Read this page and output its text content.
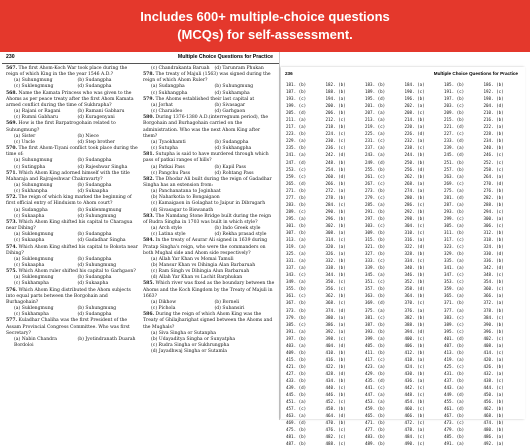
Includes 600+ multiple-choice questions
(MCQs) for self-assessment.
230	Multiple Choice Questions for Practice
567. The first Ahom-Koch War took place during the reign of which King in the the year 1546 A.D.?
(a) Suhungmung	(b) Sudangpha
(c) Suklengmung	(d) Sudangpha
568. Name the Kamata Princess who was given to the Ahoms as per peace treaty after the first Ahom Kamata armed conflict during the time of Sukhrapha?
(a) Rajani or Ragani	(b) Ramani Gabharu
(c) Rumni Gabharu	(d) Kuragenyani
569. How is the first Barpatrogohain related to Suhungmung?
(a) Sister	(b) Niece
(c) Uncle	(d) Step brother
570. The first Ahom-Tiyani conflict took place during the time of:
(a) Suhungmung	(b) Sudangpha
(c) Sutingpha	(d) Rajeshwar Singha
571. Which Ahom King adorned himself with the title Maharaja and Rajrajeshwar Chakravarty?
(a) Suhungmung	(b) Sudangpha
(c) Sukhanpha	(d) Sukaapha
572. The reign of which king marked the beginning of first official entry of Hinduism to Ahom court?
(a) Sudangpha	(b) Suklenmgmung
(c) Sukaapha	(d) Suhungmung
573. Which Ahom King shifted his capital to Charagua near Dihing?
(a) Suklengmung	(b) Sudangpha
(c) Sukaapha	(d) Gadadhar Singha
574. Which Ahom King shifted his capital to Bokota near Dihing?
(a) Suklengmung	(b) Sudangpha
(c) Sukaapha	(d) Suhungmung
575. Which Ahom ruler shifted his capital to Garhgaon?
(a) Suklengmung	(b) Sudangpha
(c) Sukhampha	(d) Sukaapha
576. Which Ahom King distributed the Ahom subjects into equal parts between the Borgohain and Burhagohain?
(a) Suklengmung	(b) Suhungmung
(c) Sukhampha	(d) Sudangpha
577. Kuladhar Chaliha was the first President of the Assam Provincial Congress Committee. Who was first Secretary?
(a) Nabin Chandra Bordoloi
(b) Jyotindranath Duarah
(c) Chandrakanta Baruah	(d) Tarunram Phukan
578. The treaty of Majuli (1563) was signed during the reign of which Ahom Ruler?
(a) Sudangpha	(b) Suhungmung
(c) Sukhangpha	(d) Sukhampha
579. The Ahoms established their last capital at
(a) Jorhat	(b) Sivasagar
(c) Charaideo	(d) Garhgaon
580. During 1376-1380 A.D.(interregnum period), the Borgohain and Burhagohain carried on the administration. Who was the next Ahom King after them?
(a) Tyaokhamti	(b) Sudangpha
(c) Sutupha	(d) Sukhangpha
581. Sutupha is said to have murdered through which pass of patkai ranges of hills?
(a) Patkai Pass	(b) Kapil Pass
(c) Pangchu Pass	(d) Rohtang Pass
582. The Dhodar Ali built during the reign of Gadadhar Singha has an extension from:
(a) Panchanatana to Joginhaat
(b) Naharkotia to Bongaigaon
(c) Kamaigaon in Golaghat to Jaipur in Dibrugarh
(d) Sivasagar to Biswanath
583. The Namdang Stone Bridge built during the reign of Rudra Singha in 1703 was built in which style?
(a) Arch style	(b) Indo Greek style
(c) Latina style	(d) Rekha prasad style
584. In the treaty of Asurar Ali signed in 1639 during Pratap Singha's reign, who were the commanders on both Mughal side and Ahom side respectively?
(a) Allah Yar Khan vs Momai Tamuli
(b) Mansur Khan vs Dihingia Alan Barbaruah
(c) Ram Singh vs Dihingia Alun Barbaruah
(d) Allah Yar Khan vs Lachit Barphukan
585. Which river was fixed as the boundary between the Ahoms and the Koch Kingdom by the Treaty of Majuli in 1663?
(a) Dikhow	(b) Borneli
(c) Pichola	(d) Subansiri
586. During the reign of which Ahom King was the Treaty of Ghilajharighat signed between the Ahoms and the Mughals?
(a) Siva Singha or Sutanpha
(b) Udayaditya Singha or Sunyatpha
(c) Rudra Singha or Sukhrungpha
(d) Jayadhwaj Singha or Sutamla
236	Multiple Choice Questions for Practice
181. (b)	182. (b)	183. (b)	184. (a)	185. (b)	186. (b)
187. (b)	188. (b)	189. (b)	190. (c)	191. (c)	192. (c)
193. (c)	194. (a)	195. (d)	196. (b)	197. (b)	198. (b)
199. (c)	200. (b)	201. (b)	202. (a)	203. (c)	204. (d)
205. (d)	206. (b)	207. (a)	208. (c)	209. (b)	210. (b)
211. (a)	212. (c)	213. (a)	214. (b)	215. (b)	216. (b)
217. (a)	218. (b)	219. (c)	220. (a)	221. (d)	222. (a)
223. (b)	224. (c)	225. (a)	226. (d)	227. (c)	228. (b)
229. (a)	230. (c)	231. (c)	232. (a)	233. (d)	234. (b)
235. (b)	236. (c)	237. (a)	238. (c)	239. (a)	240. (b)
241. (a)	242. (d)	243. (a)	244. (b)	245. (d)	246. (c)
247. (d)	248. (b)	249. (d)	250. (b)	251. (b)	252. (c)
253. (c)	254. (b)	255. (b)	256. (d)	257. (b)	258. (c)
259. (c)	260. (d)	261. (c)	262. (b)	263. (a)	264. (a)
265. (d)	266. (b)	267. (c)	268. (a)	269. (c)	270. (d)
271. (b)	272. (a)	273. (b)	274. (a)	275. (a)	276. (b)
277. (b)	278. (b)	279. (c)	280. (b)	281. (d)	282. (b)
283. (b)	284. (c)	285. (a)	286. (c)	287. (a)	288. (b)
289. (c)	290. (b)	291. (b)	292. (b)	293. (b)	294. (c)
295. (a)	296. (b)	297. (b)	298. (b)	299. (c)	300. (a)
301. (b)	302. (b)	303. (c)	304. (c)	305. (a)	306. (c)
307. (b)	308. (a)	309. (b)	310. (c)	311. (b)	312. (b)
313. (a)	314. (c)	315. (b)	316. (a)	317. (c)	318. (b)
319. (a)	320. (a)	321. (b)	322. (d)	323. (c)	324. (b)
325. (a)	326. (a)	327. (b)	328. (b)	329. (b)	330. (d)
331. (a)	332. (b)	333. (c)	334. (c)	335. (a)	336. (b)
337. (a)	338. (b)	339. (b)	340. (b)	341. (a)	342. (d)
343. (c)	344. (b)	345. (a)	346. (b)	347. (c)	348. (c)
349. (a)	350. (c)	351. (c)	352. (b)	353. (c)	354. (b)
355. (b)	356. (c)	357. (b)	358. (d)	359. (a)	360. (c)
361. (c)	362. (b)	363. (b)	364. (b)	365. (a)	366. (a)
367. (b)	368. (c)	369. (d)	370. (c)	371. (b)	372. (a)
373. (b)	374. (d)	375. (a)	376. (a)	377. (a)	378. (b)
379. (b)	380. (a)	381. (c)	382. (b)	383. (c)	384. (c)
385. (c)	386. (a)	387. (b)	388. (b)	389. (c)	390. (b)
391. (a)	392. (a)	393. (b)	394. (d)	395. (c)	396. (b)
397. (b)	398. (c)	399. (a)	400. (c)	401. (d)	402. (c)
403. (a)	404. (d)	405. (b)	406. (b)	407. (b)	408. (a)
409. (b)	410. (b)	411. (b)	412. (b)	413. (b)	414. (c)
415. (b)	416. (b)	417. (c)	418. (a)	419. (a)	420. (a)
421. (b)	422. (b)	423. (a)	424. (c)	425. (c)	426. (b)
427. (b)	428. (d)	429. (b)	430. (b)	431. (b)	432. (a)
433. (b)	434. (b)	435. (d)	436. (a)	437. (b)	438. (c)
439. (d)	440. (c)	441. (c)	442. (c)	443. (a)	444. (c)
445. (b)	446. (b)	447. (a)	448. (c)	449. (d)	450. (a)
451. (a)	452. (c)	453. (a)	454. (b)	455. (a)	456. (b)
457. (c)	458. (b)	459. (b)	460. (c)	461. (d)	462. (b)
463. (a)	464. (d)	465. (b)	466. (b)	467. (b)	468. (b)
469. (d)	470. (b)	471. (b)	472. (c)	473. (c)	474. (b)
475. (b)	476. (c)	477. (b)	478. (a)	479. (b)	480. (b)
481. (b)	482. (c)	483. (b)	484. (c)	485. (b)	486. (a)
487. (b)	488. (c)	489. (b)	490. (c)	491. (a)	492. (a)
